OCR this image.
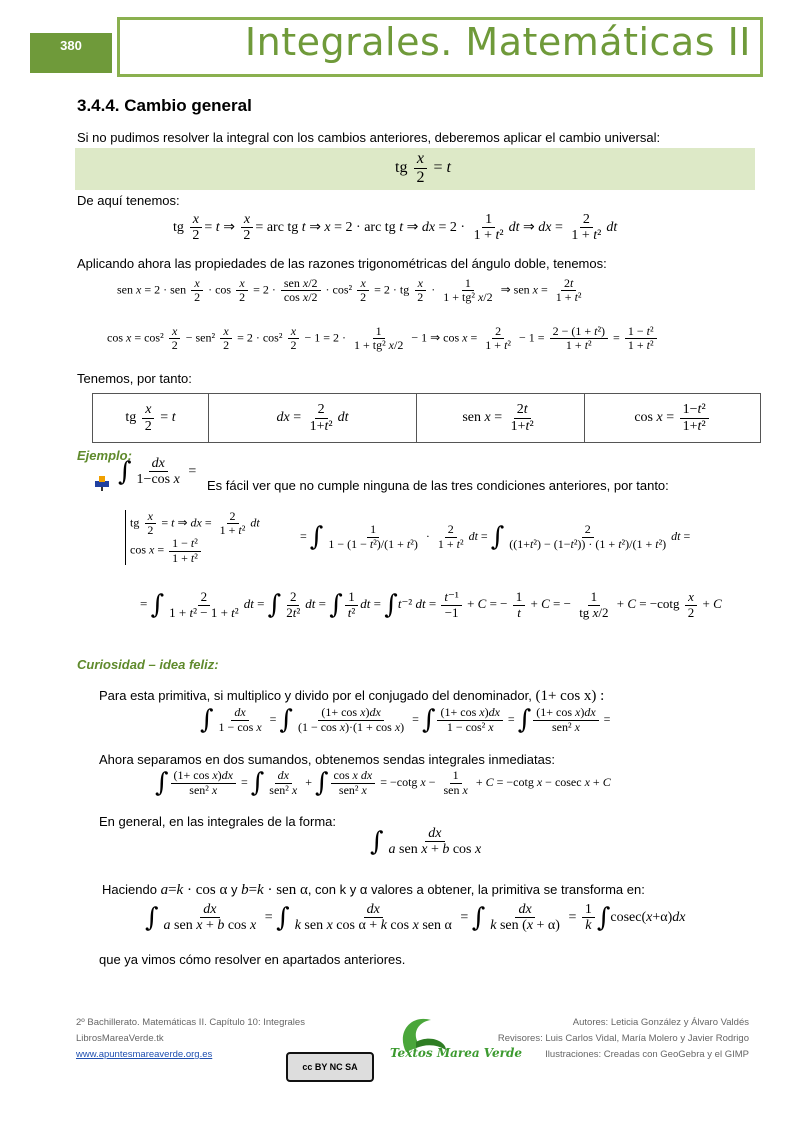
380	Integrales. Matemáticas II
3.4.4. Cambio general
Si no pudimos resolver la integral con los cambios anteriores, deberemos aplicar el cambio universal:
tg $\frac{x}{2} = t$
De aquí tenemos:
tg $\frac{x}{2} = t$ ⇒ $\frac{x}{2}$ = arc tg t ⇒ x = 2 · arc tg t ⇒ dx = $2 \cdot \frac{1}{\text{1 + t²}}$ dt ⇒ dx = $\frac{2}{\text{1 + t²}}$ dt
Aplicando ahora las propiedades de las razones trigonométricas del ángulo doble, tenemos:
sen x = 2 · sen $\frac{x}{2} \cdot \cos \frac{x}{2} = 2 \cdot \frac{\text{sen x/2}}{\text{cos x/2}} \cdot \cos^2 \frac{x}{2} = 2$ · tg $\frac{x}{2} \cdot \frac{1}{\text{1 + tg² x/2}}$ ⇒ sen $x = \frac{2t}{\text{1 + t²}}$
$\cos x = \cos^2 \frac{x}{2} - sen^2 \frac{x}{2} = 2 \cdot \cos^2 \frac{x}{2} - 1 = 2 \cdot \frac{1}{\text{1 + tg² x/2}} - 1$ ⇒ $\cos x = \frac{2}{\text{1 + t²}} - 1 = \frac{\text{2 − (1 + t²)}}{\text{1 + t²}} = \frac{\text{1 − t²}}{\text{1 + t²}}$
Tenemos, por tanto:
tg $\frac{x}{2} = t$	dx = $\frac{2}{\text{1+t²}}$ dt	sen $x = \frac{2t}{\text{1+t²}}$	$\cos x = \frac{\text{1−t²}}{\text{1+t²}}$
Ejemplo:
∫ $\frac{dx}{\text{1−cos x}}$ =
Es fácil ver que no cumple ninguna de las tres condiciones anteriores, por tanto:
tg $\frac{x}{2} = t$ ⇒ dx = $\frac{2}{\text{1 + t²}}$ dt
$\cos x = \frac{\text{1 − t²}}{\text{1 + t²}}$
= ∫ $\frac{1}{\text{1 − (1 − t²)/(1 + t²)}} \cdot \frac{2}{\text{1 + t²}}$ dt = ∫ $\frac{2}{\text{((1+t²) − (1−t²)) · (1 + t²)/(1 + t²)}}$ dt =
= ∫ $\frac{2}{\text{1 + t² − 1 + t²}}$ dt = ∫ $\frac{2}{\text{2t²}}$ dt = ∫ $\frac{1}{\text{t²}}$ dt = ∫t⁻² dt = $\frac{\text{t⁻¹}}{-1} + C$ = − $\frac{1}{t} + C$ = − $\frac{1}{\text{tg x/2}} + C = -\cot g \frac{x}{2} + C$
Curiosidad – idea feliz:
Para esta primitiva, si multiplico y divido por el conjugado del denominador, (1+ cos x) :
∫ $\frac{dx}{\text{1 − cos x}}$ = ∫ $\frac{\text{(1+ cos x)dx}}{\text{(1 − cos x)·(1 + cos x)}}$ = ∫ $\frac{\text{(1+ cos x)dx}}{\text{1 − cos² x}}$ = ∫ $\frac{\text{(1+ cos x)dx}}{\text{sen² x}}$ =
Ahora separamos en dos sumandos, obtenemos sendas integrales inmediatas:
∫ $\frac{\text{(1+ cos x)dx}}{\text{sen² x}}$ = ∫ $\frac{dx}{\text{sen² x}}$ + ∫ $\frac{\text{cos x dx}}{\text{sen² x}} = -\cot g$ $x - \frac{1}{\text{sen x}} + C = -\cot g$ x − cosec x + C
En general, en las integrales de la forma:
∫ $\frac{dx}{\text{a sen x + b cos x}}$
Haciendo a=k · cos α y b=k · sen α, con k y α valores a obtener, la primitiva se transforma en:
∫ $\frac{dx}{\text{a sen x + b cos x}}$ = ∫ $\frac{dx}{\text{k sen x cos α + k cos x sen α}}$ = ∫ $\frac{dx}{\text{k sen (x + α)}} = \frac{1}{k} \int cosec(x+\alpha)dx$
que ya vimos cómo resolver en apartados anteriores.
2º Bachillerato. Matemáticas II. Capítulo 10: Integrales
LibrosMareaVerde.tk
www.apuntesmareaverde.org.es	Textos Marea Verde
cc BY NC SA
Autores: Leticia González y Álvaro Valdés
Revisores: Luis Carlos Vidal, María Molero y Javier Rodrigo
Ilustraciones: Creadas con GeoGebra y el GIMP
